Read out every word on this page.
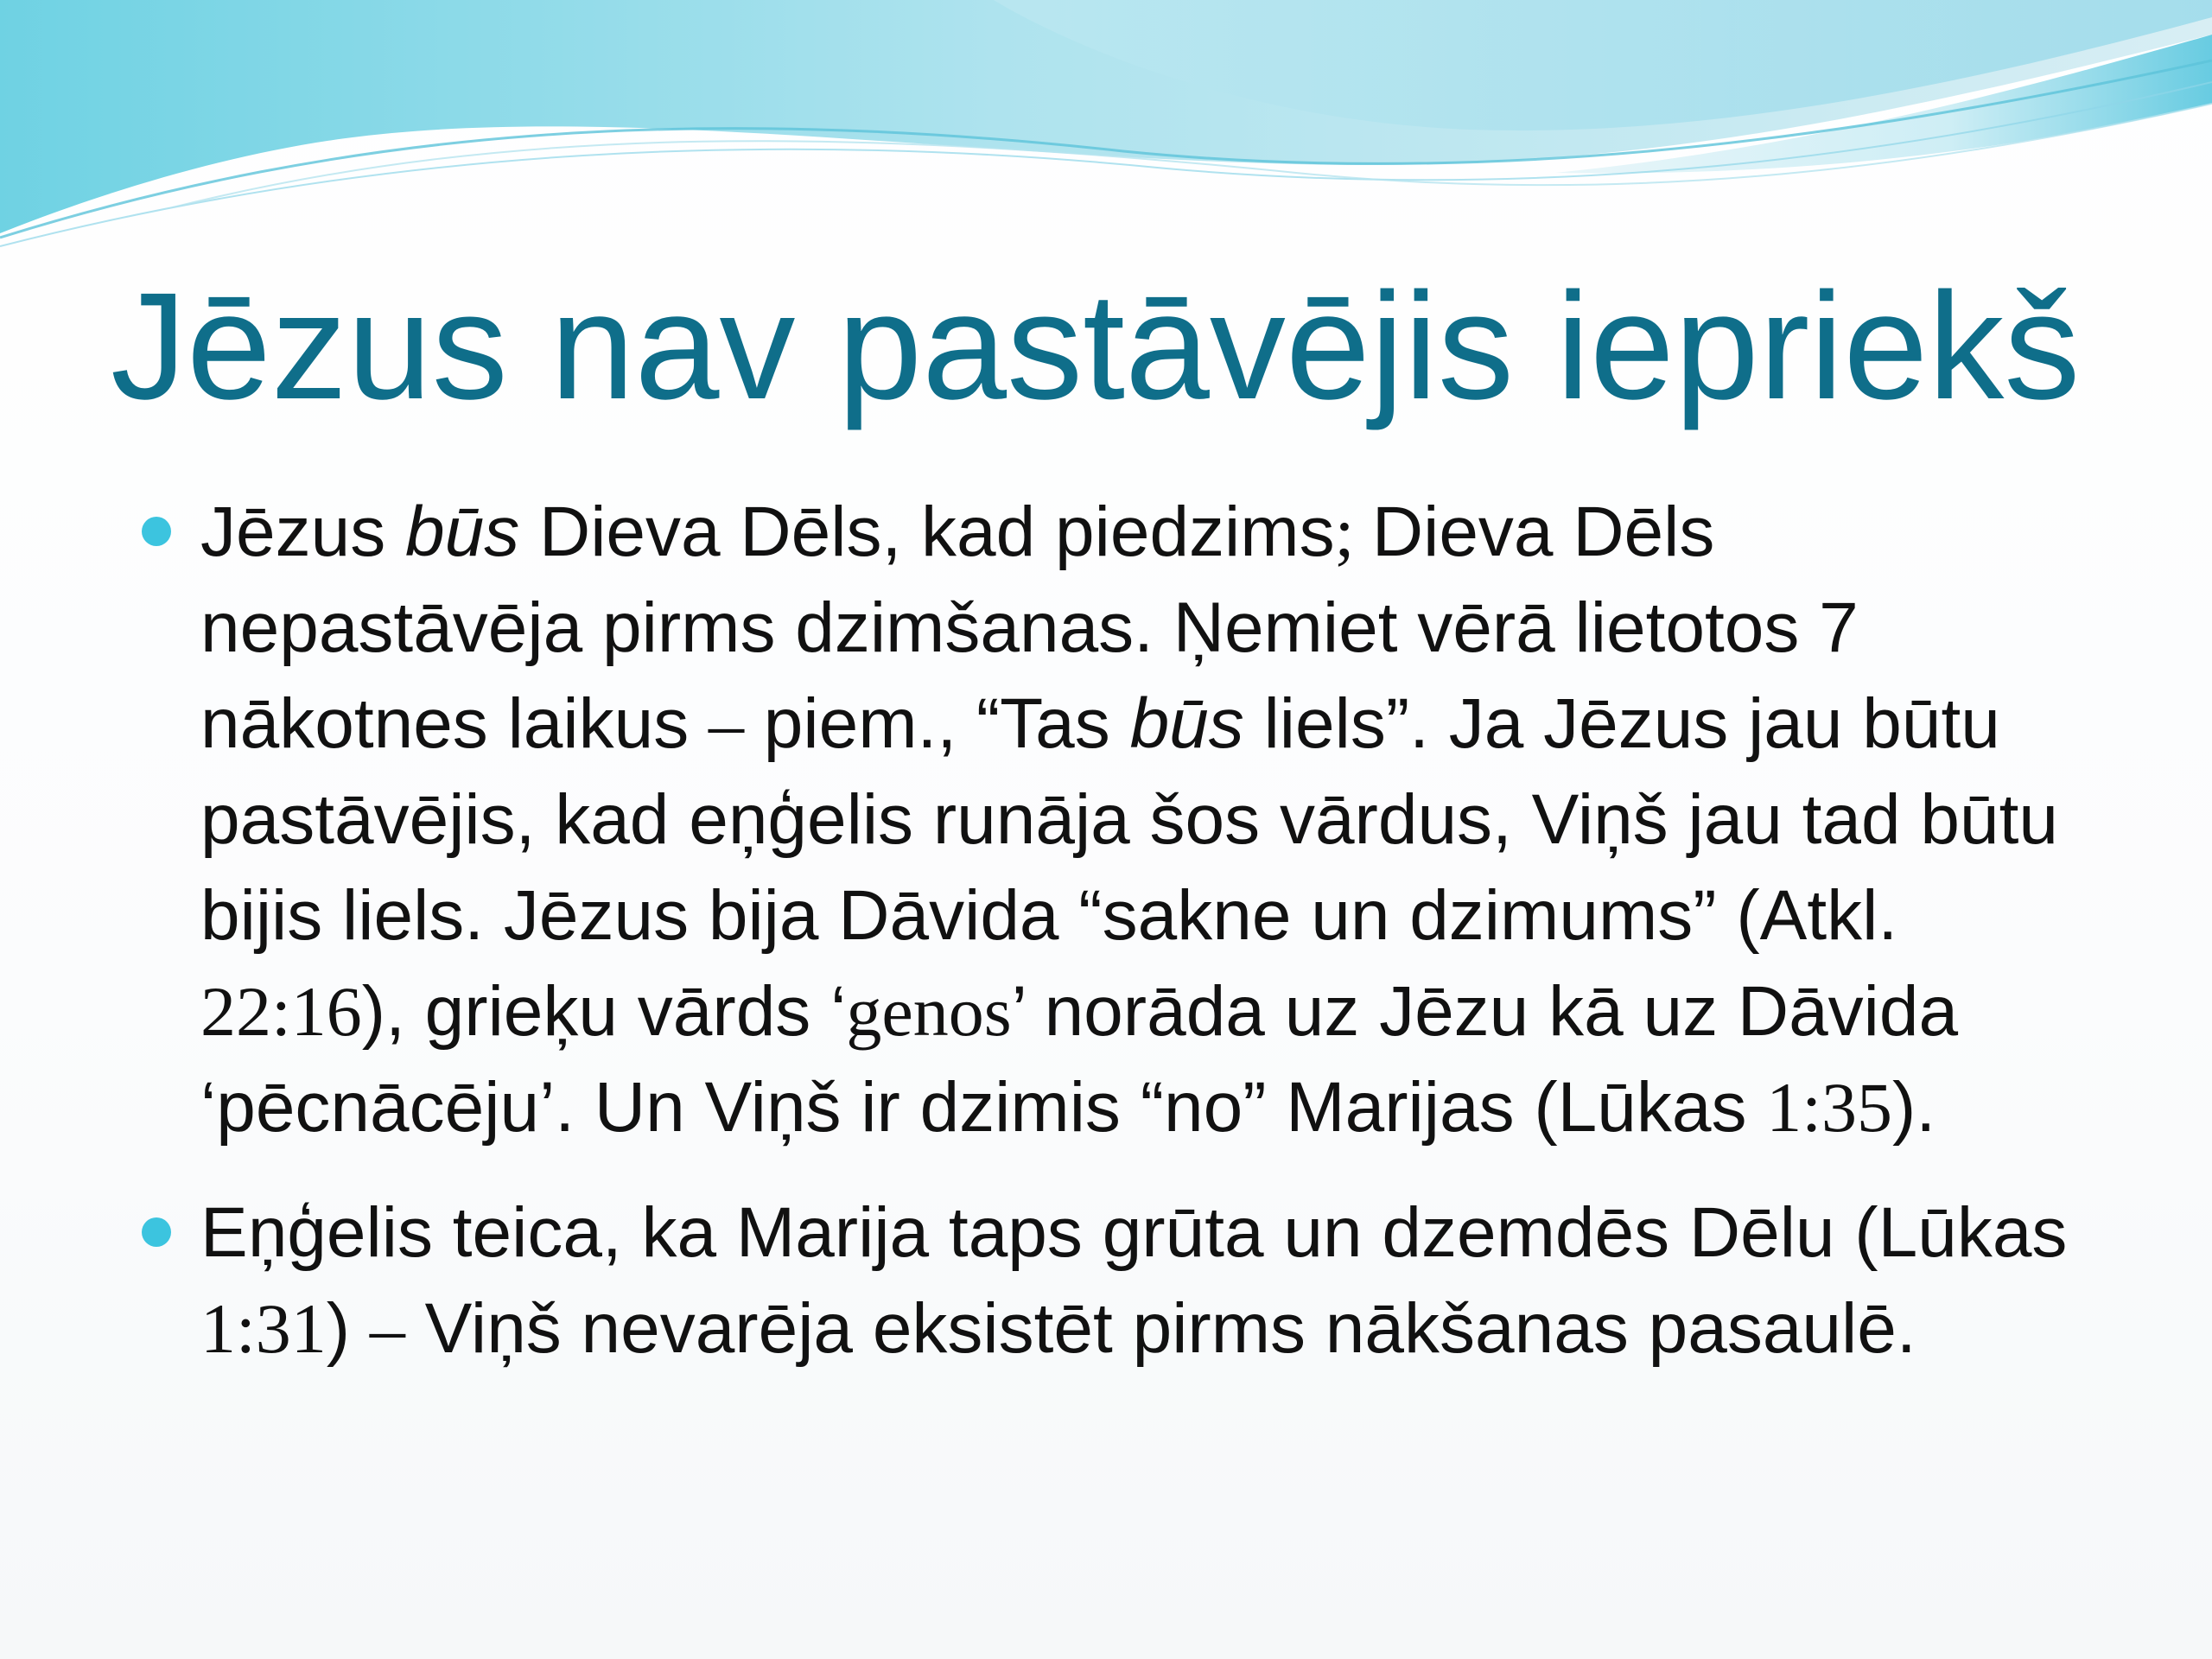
Jēzus nav pastāvējis iepriekš
Jēzus būs Dieva Dēls, kad piedzims; Dieva Dēls nepastāvēja pirms dzimšanas. Ņemiet vērā lietotos 7 nākotnes laikus – piem., “Tas būs liels”. Ja Jēzus jau būtu pastāvējis, kad eņģelis runāja šos vārdus, Viņš jau tad būtu bijis liels. Jēzus bija Dāvida “sakne un dzimums” (Atkl. 22:16), grieķu vārds ‘genos’ norāda uz Jēzu kā uz Dāvida ‘pēcnācēju’. Un Viņš ir dzimis “no” Marijas (Lūkas 1:35).
Eņģelis teica, ka Marija taps grūta un dzemdēs Dēlu (Lūkas 1:31) – Viņš nevarēja eksistēt pirms nākšanas pasaulē.
